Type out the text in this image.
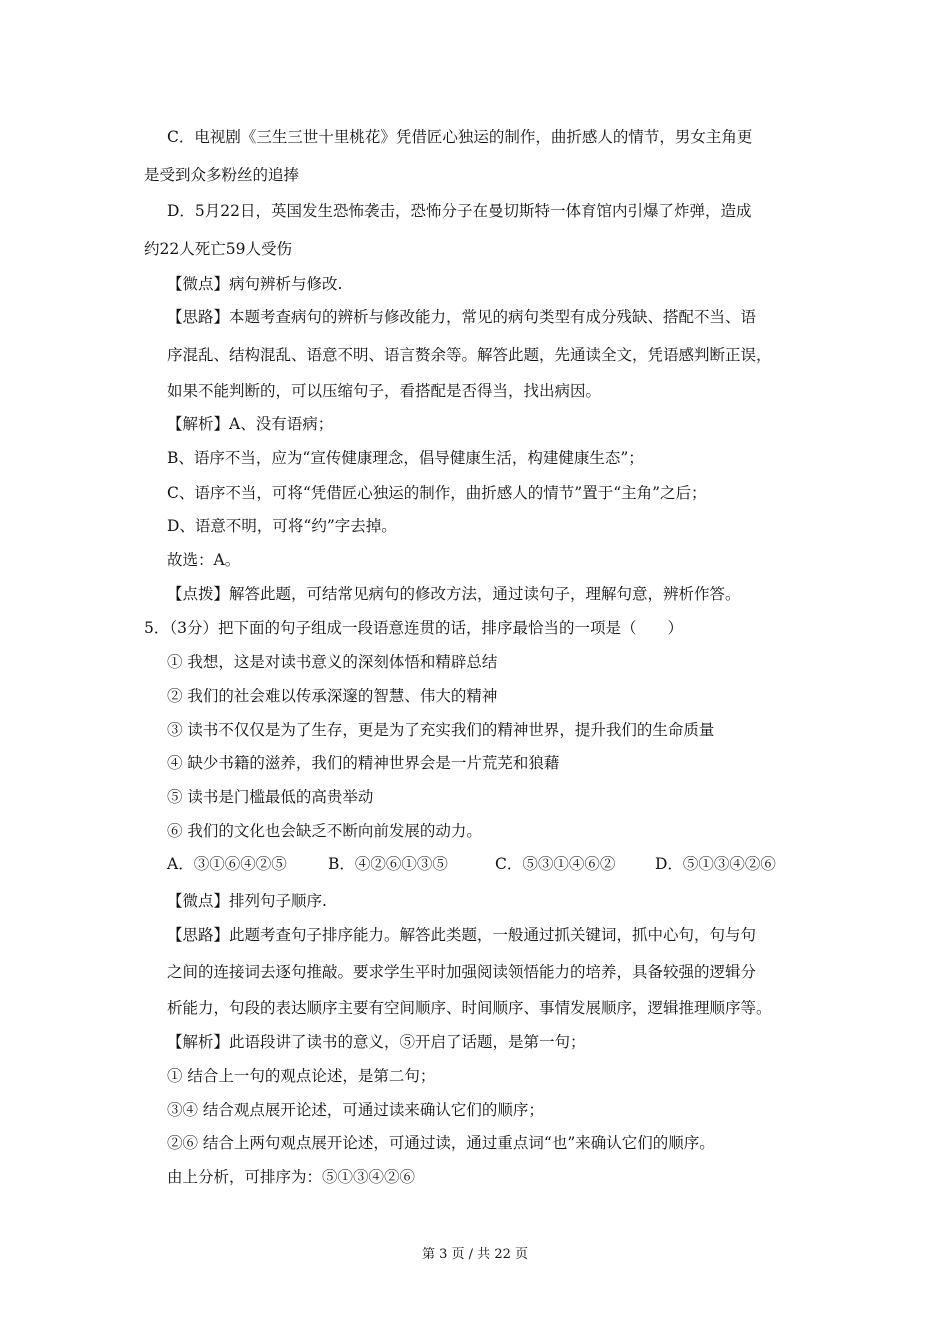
C．电视剧《三生三世十里桃花》凭借匠心独运的制作，曲折感人的情节，男女主角更

是受到众多粉丝的追捧

D．5月22日，英国发生恐怖袭击，恐怖分子在曼切斯特一体育馆内引爆了炸弹，造成

约22人死亡59人受伤

【微点】病句辨析与修改.

【思路】本题考查病句的辨析与修改能力，常见的病句类型有成分残缺、搭配不当、语

序混乱、结构混乱、语意不明、语言赘余等。解答此题，先通读全文，凭语感判断正误，

如果不能判断的，可以压缩句子，看搭配是否得当，找出病因。

【解析】A、没有语病；

B、语序不当，应为“宣传健康理念，倡导健康生活，构建健康生态”；

C、语序不当，可将“凭借匠心独运的制作，曲折感人的情节”置于“主角”之后；

D、语意不明，可将“约”字去掉。

故选：A。

【点拨】解答此题，可结常见病句的修改方法，通过读句子，理解句意，辨析作答。

5．（3分）把下面的句子组成一段语意连贯的话，排序最恰当的一项是（　　）

① 我想，这是对读书意义的深刻体悟和精辟总结

② 我们的社会难以传承深邃的智慧、伟大的精神

③ 读书不仅仅是为了生存，更是为了充实我们的精神世界，提升我们的生命质量

④ 缺少书籍的滋养，我们的精神世界会是一片荒芜和狼藉

⑤ 读书是门槛最低的高贵举动

⑥ 我们的文化也会缺乏不断向前发展的动力。

A．③①⑥④②⑤	B．④②⑥①③⑤	C．⑤③①④⑥②	D．⑤①③④②⑥

【微点】排列句子顺序.

【思路】此题考查句子排序能力。解答此类题，一般通过抓关键词，抓中心句，句与句

之间的连接词去逐句推敲。要求学生平时加强阅读领悟能力的培养，具备较强的逻辑分

析能力，句段的表达顺序主要有空间顺序、时间顺序、事情发展顺序，逻辑推理顺序等。

【解析】此语段讲了读书的意义，⑤开启了话题，是第一句；

① 结合上一句的观点论述，是第二句；

③④ 结合观点展开论述，可通过读来确认它们的顺序；

②⑥ 结合上两句观点展开论述，可通过读，通过重点词“也”来确认它们的顺序。

由上分析，可排序为：⑤①③④②⑥

第 3 页 / 共 22 页
